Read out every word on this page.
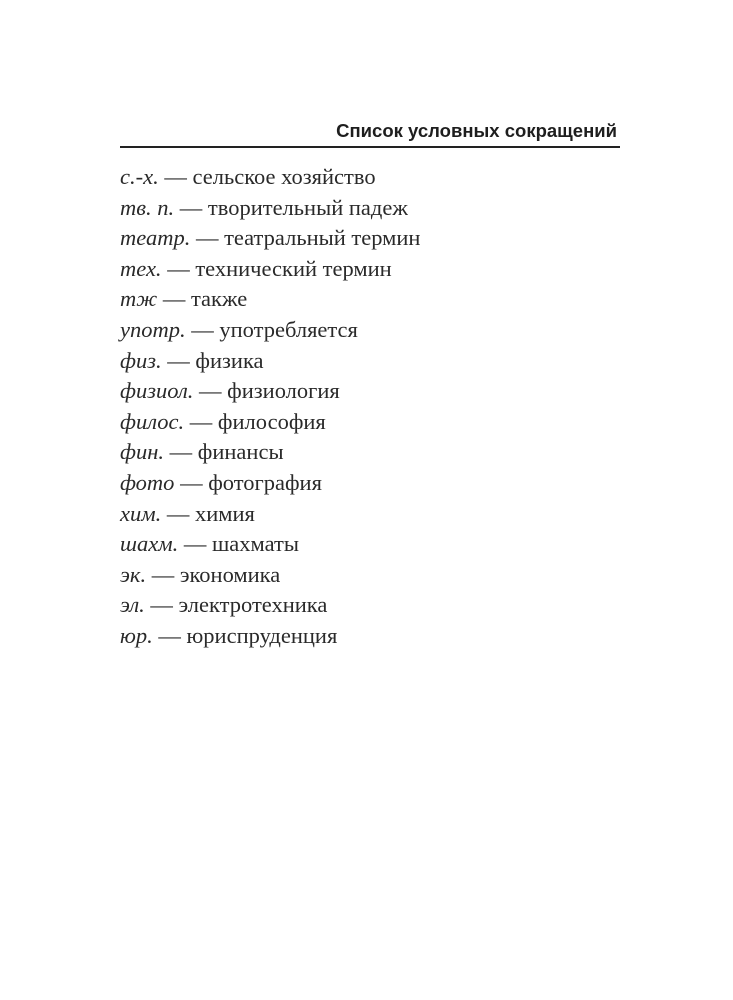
Список условных сокращений
с.-х. — сельское хозяйство
тв. п. — творительный падеж
театр. — театральный термин
тех. — технический термин
тж — также
употр. — употребляется
физ. — физика
физиол. — физиология
филос. — философия
фин. — финансы
фото — фотография
хим. — химия
шахм. — шахматы
эк. — экономика
эл. — электротехника
юр. — юриспруденция
